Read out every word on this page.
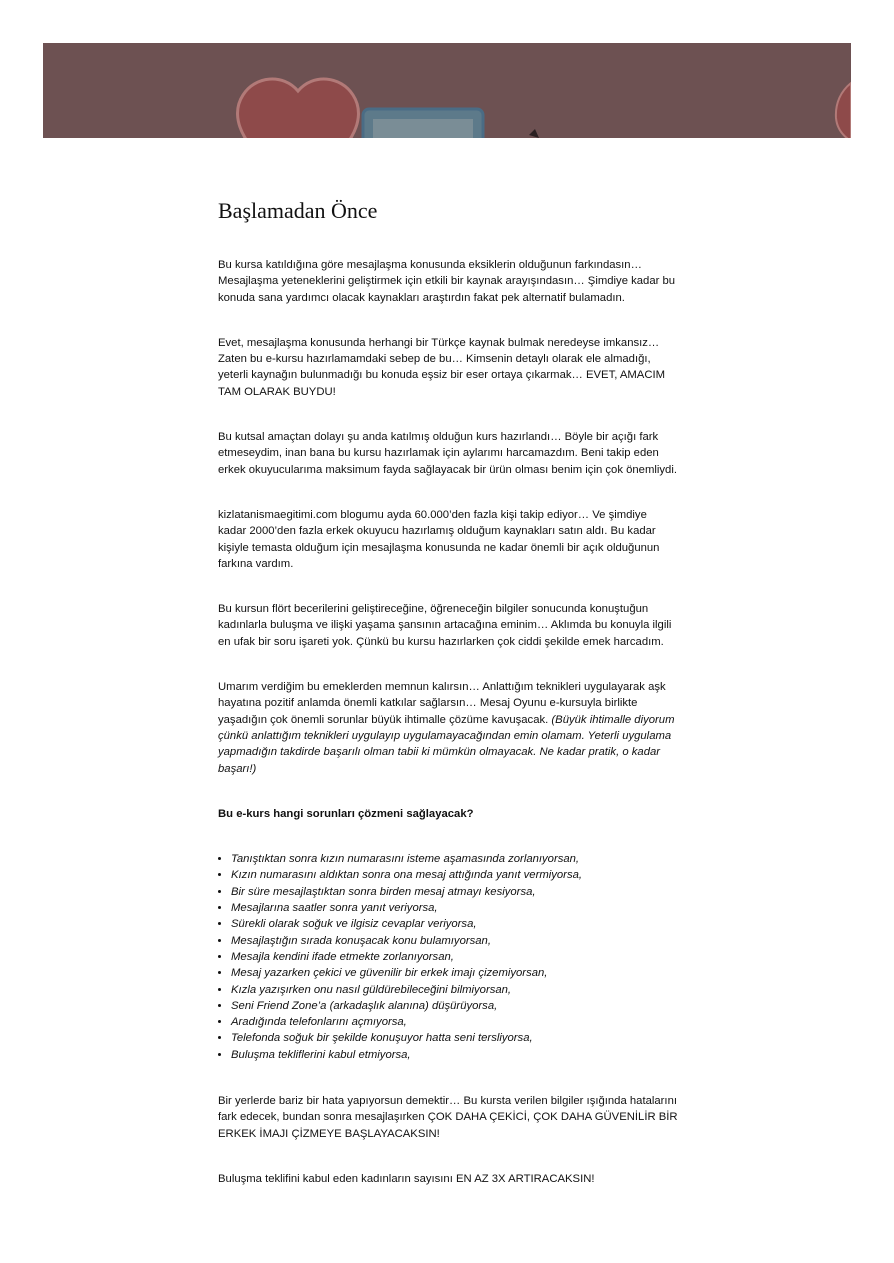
Başlamadan Önce

Bu kursa katıldığına göre mesajlaşma konusunda eksiklerin olduğunun farkındasın… Mesajlaşma yeteneklerini geliştirmek için etkili bir kaynak arayışındasın… Şimdiye kadar bu konuda sana yardımcı olacak kaynakları araştırdın fakat pek alternatif bulamadın.

Evet, mesajlaşma konusunda herhangi bir Türkçe kaynak bulmak neredeyse imkansız… Zaten bu e-kursu hazırlamamdaki sebep de bu… Kimsenin detaylı olarak ele almadığı, yeterli kaynağın bulunmadığı bu konuda eşsiz bir eser ortaya çıkarmak… EVET, AMACIM TAM OLARAK BUYDU!

Bu kutsal amaçtan dolayı şu anda katılmış olduğun kurs hazırlandı… Böyle bir açığı fark etmeseydim, inan bana bu kursu hazırlamak için aylarımı harcamazdım. Beni takip eden erkek okuyucularıma maksimum fayda sağlayacak bir ürün olması benim için çok önemliydi.

kizlatanismaegitimi.com blogumu ayda 60.000’den fazla kişi takip ediyor… Ve şimdiye kadar 2000’den fazla erkek okuyucu hazırlamış olduğum kaynakları satın aldı. Bu kadar kişiyle temasta olduğum için mesajlaşma konusunda ne kadar önemli bir açık olduğunun farkına vardım.

Bu kursun flört becerilerini geliştireceğine, öğreneceğin bilgiler sonucunda konuştuğun kadınlarla buluşma ve ilişki yaşama şansının artacağına eminim… Aklımda bu konuyla ilgili en ufak bir soru işareti yok. Çünkü bu kursu hazırlarken çok ciddi şekilde emek harcadım.

Umarım verdiğim bu emeklerden memnun kalırsın… Anlattığım teknikleri uygulayarak aşk hayatına pozitif anlamda önemli katkılar sağlarsın… Mesaj Oyunu e-kursuyla birlikte yaşadığın çok önemli sorunlar büyük ihtimalle çözüme kavuşacak. (Büyük ihtimalle diyorum çünkü anlattığım teknikleri uygulayıp uygulamayacağından emin olamam. Yeterli uygulama yapmadığın takdirde başarılı olman tabii ki mümkün olmayacak. Ne kadar pratik, o kadar başarı!)

Bu e-kurs hangi sorunları çözmeni sağlayacak?

• Tanıştıktan sonra kızın numarasını isteme aşamasında zorlanıyorsan,
• Kızın numarasını aldıktan sonra ona mesaj attığında yanıt vermiyorsa,
• Bir süre mesajlaştıktan sonra birden mesaj atmayı kesiyorsa,
• Mesajlarına saatler sonra yanıt veriyorsa,
• Sürekli olarak soğuk ve ilgisiz cevaplar veriyorsa,
• Mesajlaştığın sırada konuşacak konu bulamıyorsan,
• Mesajla kendini ifade etmekte zorlanıyorsan,
• Mesaj yazarken çekici ve güvenilir bir erkek imajı çizemiyorsan,
• Kızla yazışırken onu nasıl güldürebileceğini bilmiyorsan,
• Seni Friend Zone’a (arkadaşlık alanına) düşürüyorsa,
• Aradığında telefonlarını açmıyorsa,
• Telefonda soğuk bir şekilde konuşuyor hatta seni tersliyorsa,
• Buluşma tekliflerini kabul etmiyorsa,

Bir yerlerde bariz bir hata yapıyorsun demektir… Bu kursta verilen bilgiler ışığında hatalarını fark edecek, bundan sonra mesajlaşırken ÇOK DAHA ÇEKİCİ, ÇOK DAHA GÜVENİLİR BİR ERKEK İMAJI ÇİZMEYE BAŞLAYACAKSIN!

Buluşma teklifini kabul eden kadınların sayısını EN AZ 3X ARTIRACAKSIN!
